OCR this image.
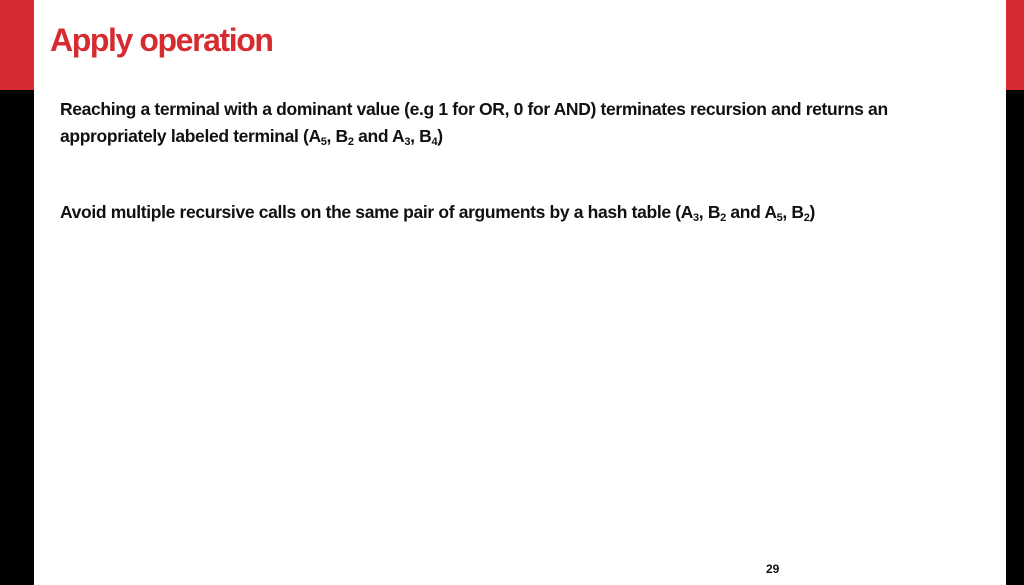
Apply operation

Reaching a terminal with a dominant value (e.g 1 for OR, 0 for AND) terminates recursion and returns an
appropriately labeled terminal ($A_5$, $B_2$ and $A_3$, $B_4$)

Avoid multiple recursive calls on the same pair of arguments by a hash table ($A_3$, $B_2$ and $A_5$, $B_2$)

29
